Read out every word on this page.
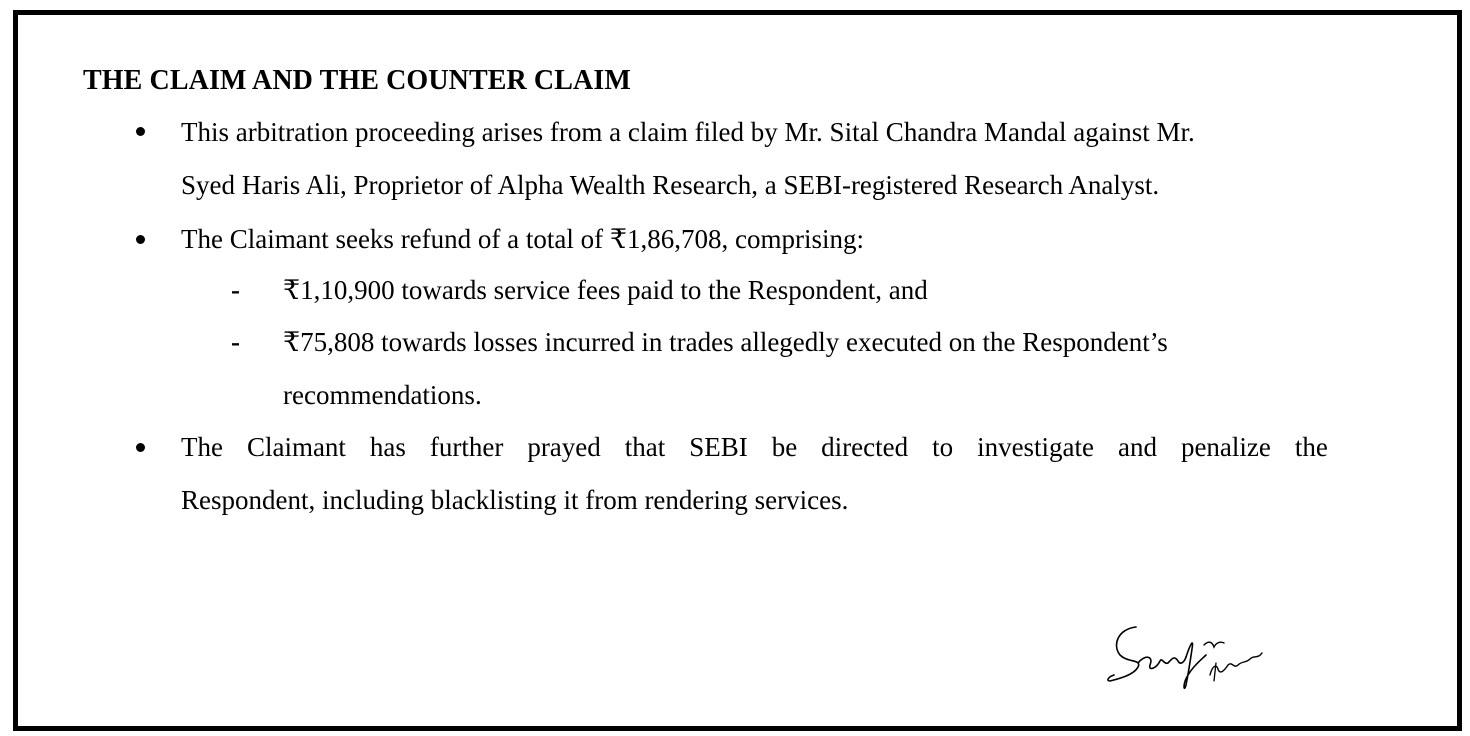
THE CLAIM AND THE COUNTER CLAIM
This arbitration proceeding arises from a claim filed by Mr. Sital Chandra Mandal against Mr.
Syed Haris Ali, Proprietor of Alpha Wealth Research, a SEBI-registered Research Analyst.
The Claimant seeks refund of a total of ₹1,86,708, comprising:
- ₹1,10,900 towards service fees paid to the Respondent, and
- ₹75,808 towards losses incurred in trades allegedly executed on the Respondent’s
recommendations.
The Claimant has further prayed that SEBI be directed to investigate and penalize the
Respondent, including blacklisting it from rendering services.
